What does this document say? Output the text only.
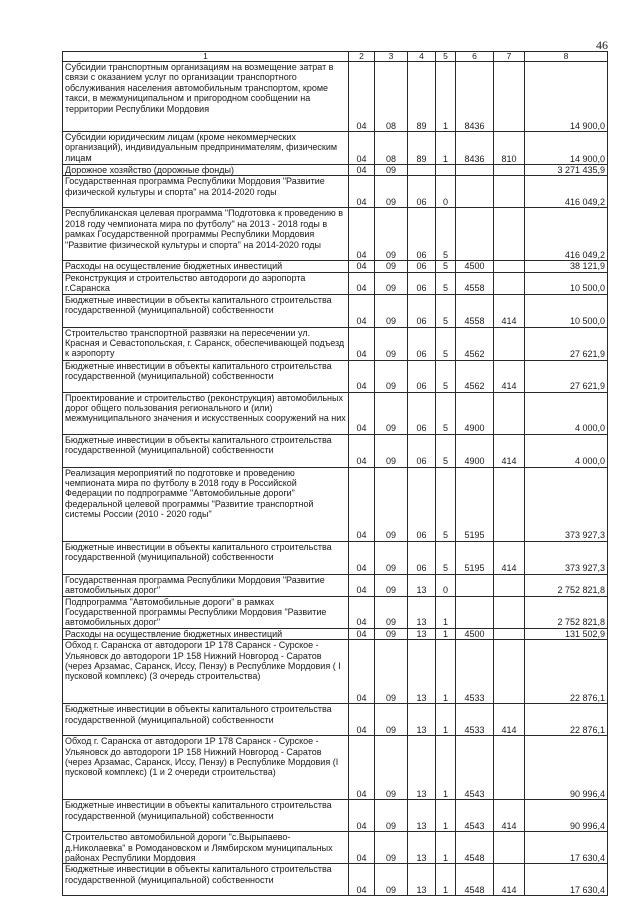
46
1	2	3	4	5	6	7	8
Субсидии транспортным организациям на возмещение затрат в связи с оказанием услуг по организации транспортного обслуживания населения автомобильным транспортом, кроме такси, в межмуниципальном и пригородном сообщении на территории Республики Мордовия	04	08	89	1	8436		14 900,0
Субсидии юридическим лицам (кроме некоммерческих организаций), индивидуальным предпринимателям, физическим лицам	04	08	89	1	8436	810	14 900,0
Дорожное хозяйство (дорожные фонды)	04	09					3 271 435,9
Государственная программа Республики Мордовия "Развитие физической культуры и спорта" на 2014-2020 годы	04	09	06	0			416 049,2
Республиканская целевая программа "Подготовка к проведению в 2018 году чемпионата мира по футболу" на 2013 - 2018 годы в рамках Государственной программы Республики Мордовия "Развитие физической культуры и спорта" на 2014-2020 годы	04	09	06	5			416 049,2
Расходы на осуществление бюджетных инвестиций	04	09	06	5	4500		38 121,9
Реконструкция и строительство автодороги до аэропорта г.Саранска	04	09	06	5	4558		10 500,0
Бюджетные инвестиции в объекты капитального строительства государственной (муниципальной) собственности	04	09	06	5	4558	414	10 500,0
Строительство транспортной развязки на пересечении ул. Красная и Севастопольская, г. Саранск, обеспечивающей подъезд к аэропорту	04	09	06	5	4562		27 621,9
Бюджетные инвестиции в объекты капитального строительства государственной (муниципальной) собственности	04	09	06	5	4562	414	27 621,9
Проектирование и строительство (реконструкция) автомобильных дорог общего пользования регионального и (или) межмуниципального значения и искусственных сооружений на них	04	09	06	5	4900		4 000,0
Бюджетные инвестиции в объекты капитального строительства государственной (муниципальной) собственности	04	09	06	5	4900	414	4 000,0
Реализация мероприятий по подготовке и проведению чемпионата мира по футболу в 2018 году в Российской Федерации по подпрограмме "Автомобильные дороги" федеральной целевой программы "Развитие транспортной системы России (2010 - 2020 годы"	04	09	06	5	5195		373 927,3
Бюджетные инвестиции в объекты капитального строительства государственной (муниципальной) собственности	04	09	06	5	5195	414	373 927,3
Государственная программа Республики Мордовия "Развитие автомобильных дорог"	04	09	13	0			2 752 821,8
Подпрограмма "Автомобильные дороги" в рамках Государственной программы Республики Мордовия "Развитие автомобильных дорог"	04	09	13	1			2 752 821,8
Расходы на осуществление бюджетных инвестиций	04	09	13	1	4500		131 502,9
Обход г. Саранска от автодороги 1Р 178 Саранск - Сурское - Ульяновск до автодороги 1Р 158 Нижний Новгород - Саратов (через Арзамас, Саранск, Иссу, Пензу) в Республике Мордовия ( I пусковой комплекс) (3 очередь строительства)	04	09	13	1	4533		22 876,1
Бюджетные инвестиции в объекты капитального строительства государственной (муниципальной) собственности	04	09	13	1	4533	414	22 876,1
Обход г. Саранска от автодороги 1Р 178 Саранск - Сурское - Ульяновск до автодороги 1Р 158 Нижний Новгород - Саратов (через Арзамас, Саранск, Иссу, Пензу) в Республике Мордовия (I пусковой комплекс) (1 и 2 очереди строительства)	04	09	13	1	4543		90 996,4
Бюджетные инвестиции в объекты капитального строительства государственной (муниципальной) собственности	04	09	13	1	4543	414	90 996,4
Строительство автомобильной дороги "с.Вырыпаево-д.Николаевка" в Ромодановском и Лямбирском муниципальных районах Республики Мордовия	04	09	13	1	4548		17 630,4
Бюджетные инвестиции в объекты капитального строительства государственной (муниципальной) собственности	04	09	13	1	4548	414	17 630,4
